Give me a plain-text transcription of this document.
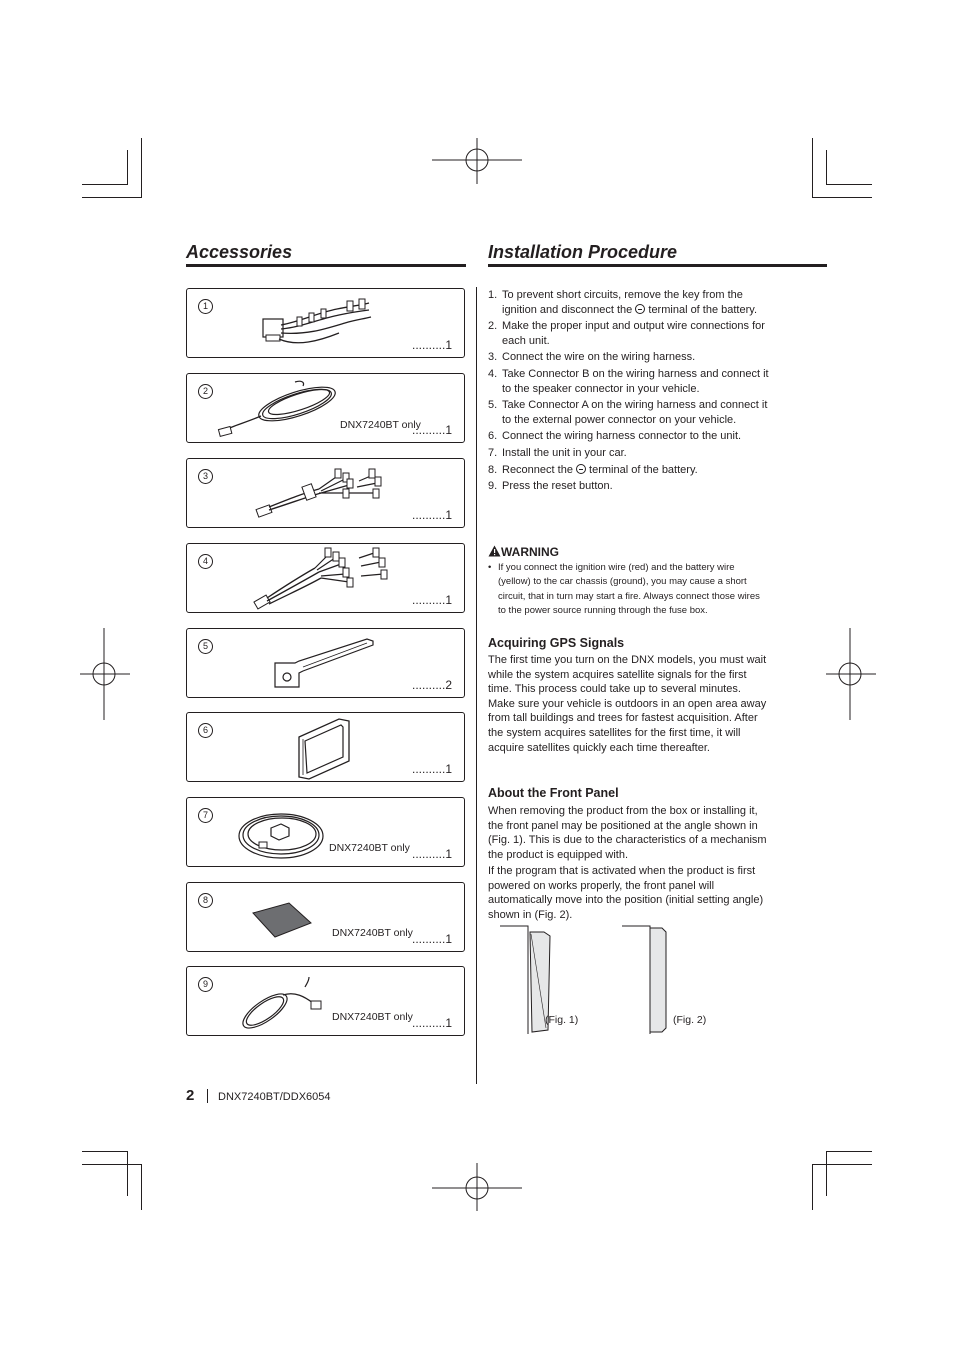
Accessories	Installation Procedure
1
..........1
2
DNX7240BT only
..........1
3
..........1
4
..........1
5
..........2
6
..........1
7
DNX7240BT only ..........1
8
DNX7240BT only ..........1
9
DNX7240BT only ..........1
1. To prevent short circuits, remove the key from the ignition and disconnect the  terminal of the battery.
2. Make the proper input and output wire connections for each unit.
3. Connect the wire on the wiring harness.
4. Take Connector B on the wiring harness and connect it to the speaker connector in your vehicle.
5. Take Connector A on the wiring harness and connect it to the external power connector on your vehicle.
6. Connect the wiring harness connector to the unit.
7. Install the unit in your car.
8. Reconnect the  terminal of the battery.
9. Press the reset button.
WARNING
• If you connect the ignition wire (red) and the battery wire (yellow) to the car chassis (ground), you may cause a short circuit, that in turn may start a fire. Always connect those wires to the power source running through the fuse box.
Acquiring GPS Signals

The first time you turn on the DNX models, you must wait while the system acquires satellite signals for the first time. This process could take up to several minutes. Make sure your vehicle is outdoors in an open area away from tall buildings and trees for fastest acquisition. After the system acquires satellites for the first time, it will acquire satellites quickly each time thereafter.

About the Front Panel

When removing the product from the box or installing it, the front panel may be positioned at the angle shown in (Fig. 1). This is due to the characteristics of a mechanism the product is equipped with.

If the program that is activated when the product is first powered on works properly, the front panel will automatically move into the position (initial setting angle) shown in (Fig. 2).

(Fig. 1)	(Fig. 2)
2 DNX7240BT/DDX6054
